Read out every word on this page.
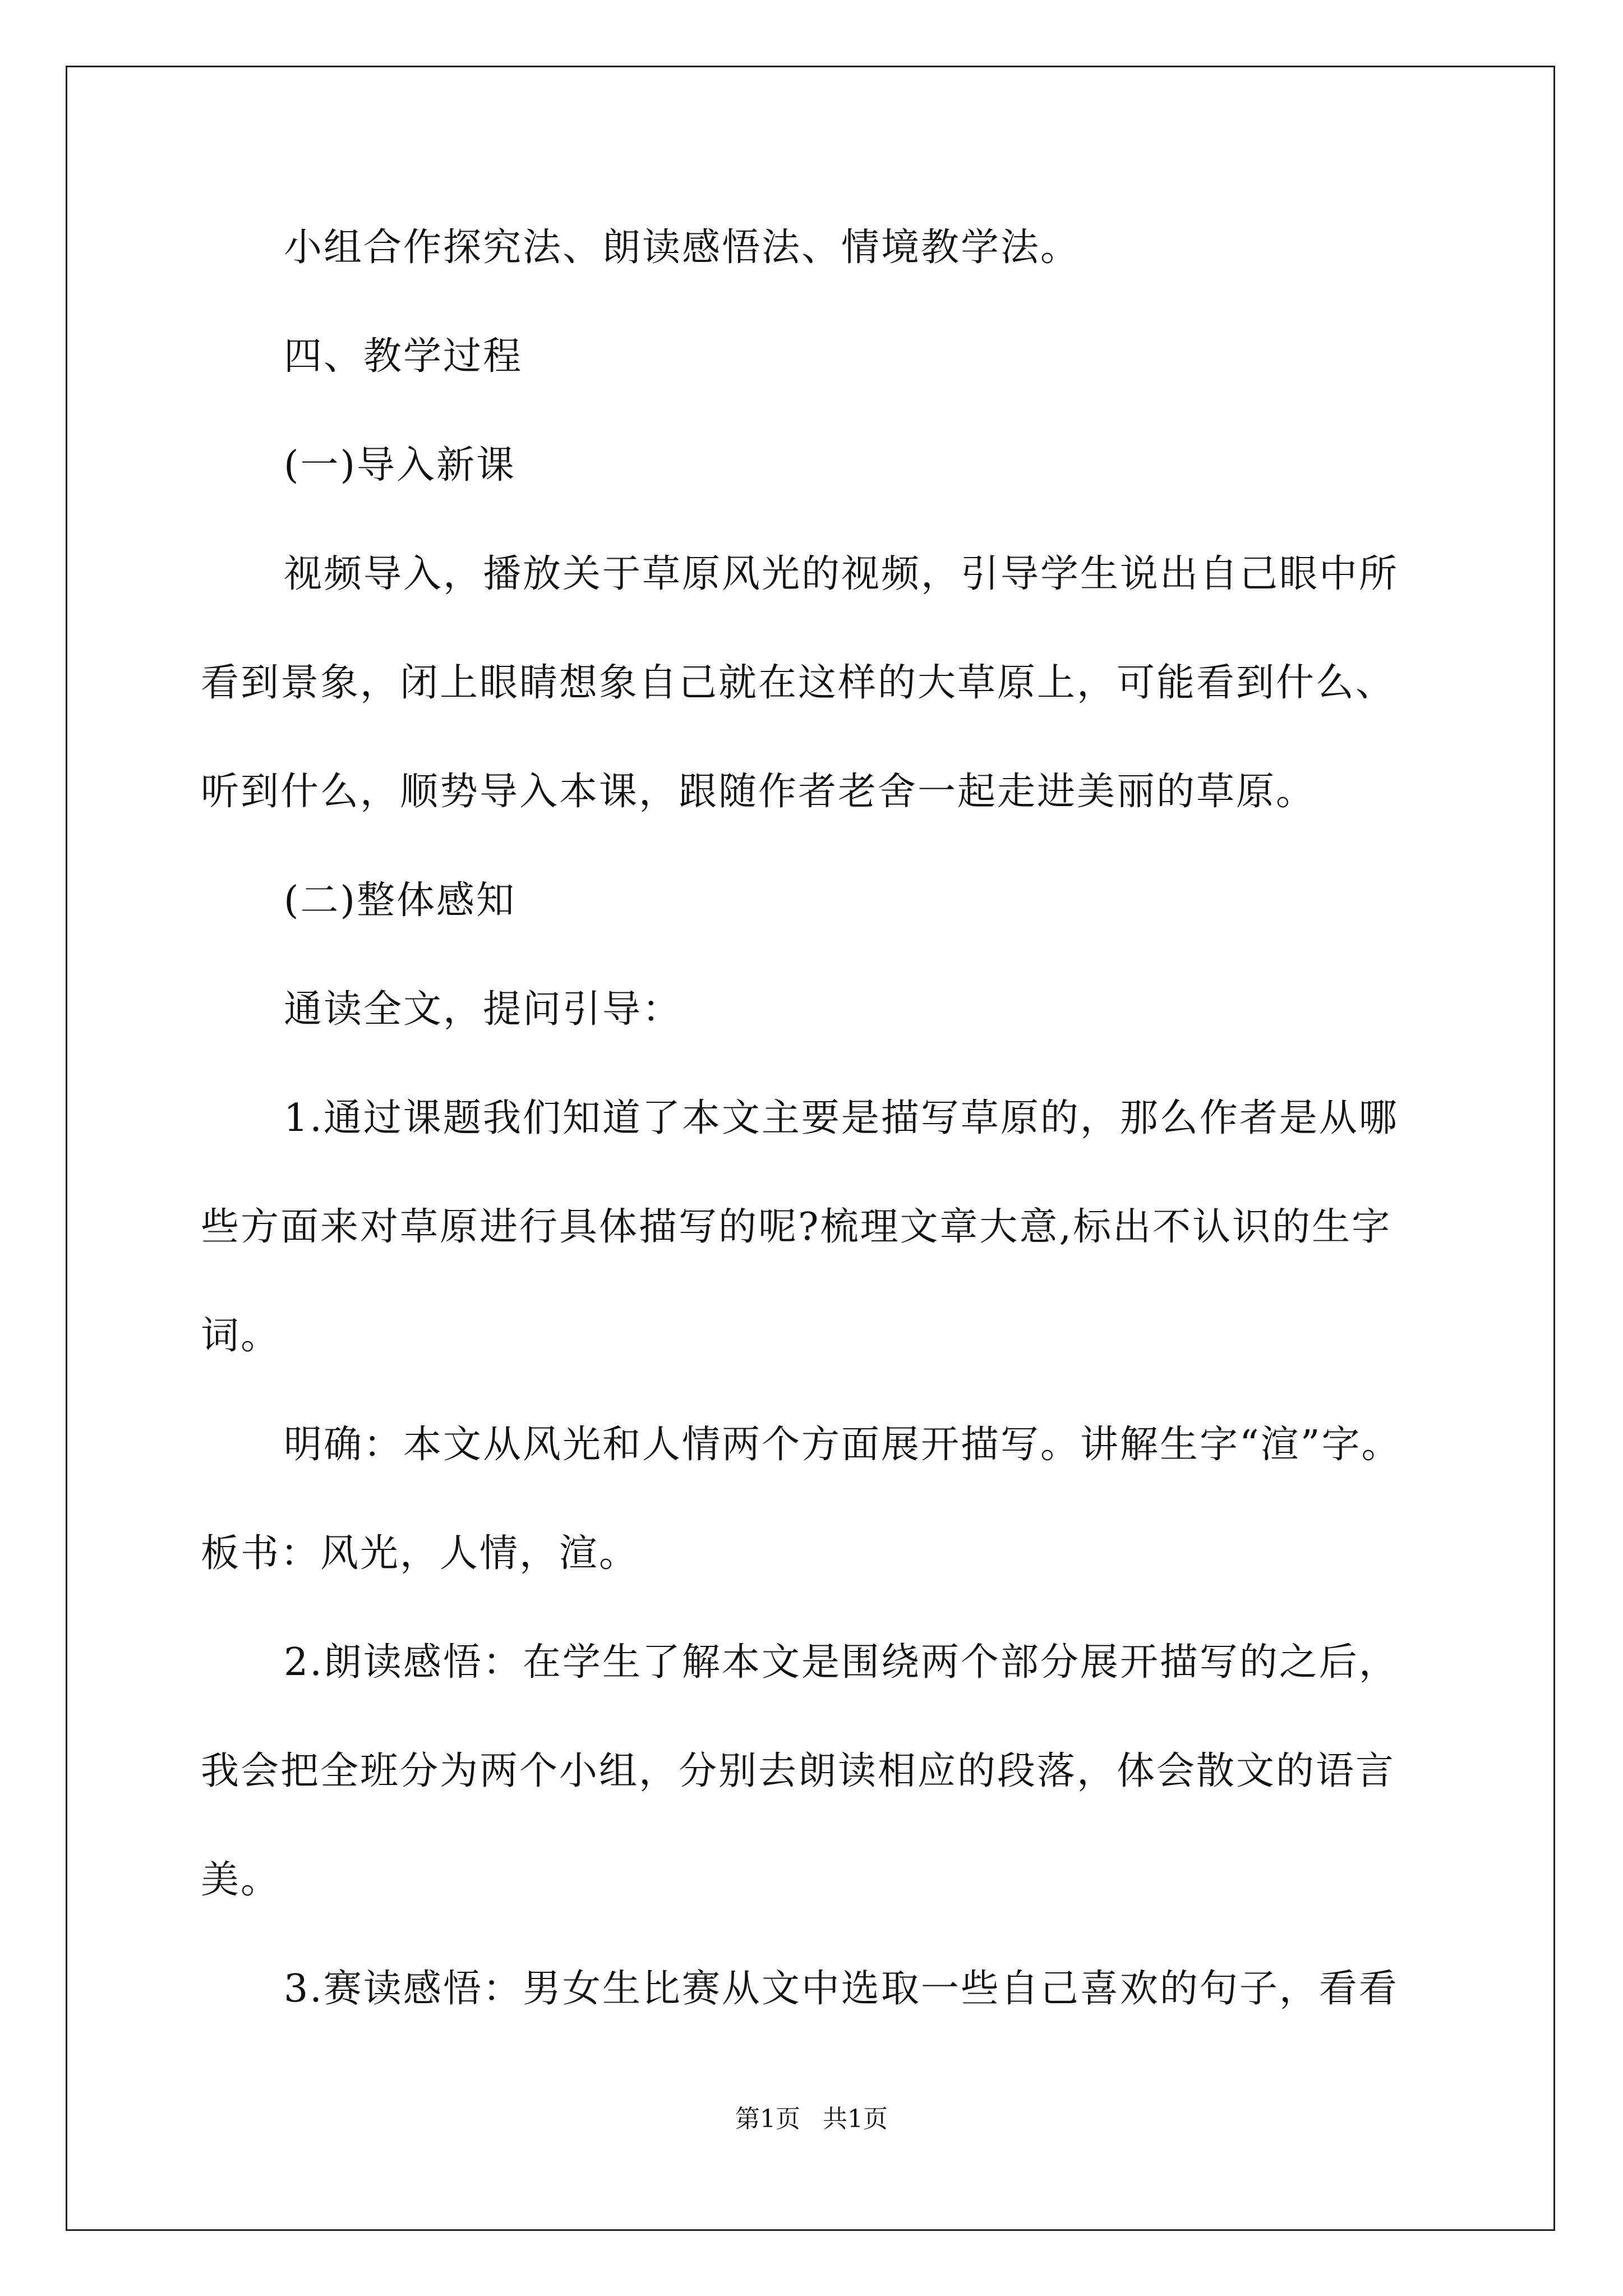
小组合作探究法、朗读感悟法、情境教学法。
四、教学过程
(一)导入新课
视频导入，播放关于草原风光的视频，引导学生说出自己眼中所
看到景象，闭上眼睛想象自己就在这样的大草原上，可能看到什么、
听到什么，顺势导入本课，跟随作者老舍一起走进美丽的草原。
(二)整体感知
通读全文，提问引导：
1.通过课题我们知道了本文主要是描写草原的，那么作者是从哪
些方面来对草原进行具体描写的呢?梳理文章大意,标出不认识的生字
词。
明确：本文从风光和人情两个方面展开描写。讲解生字“渲”字。
板书：风光，人情，渲。
2.朗读感悟：在学生了解本文是围绕两个部分展开描写的之后，
我会把全班分为两个小组，分别去朗读相应的段落，体会散文的语言
美。
3.赛读感悟：男女生比赛从文中选取一些自己喜欢的句子，看看
第1页 共1页
